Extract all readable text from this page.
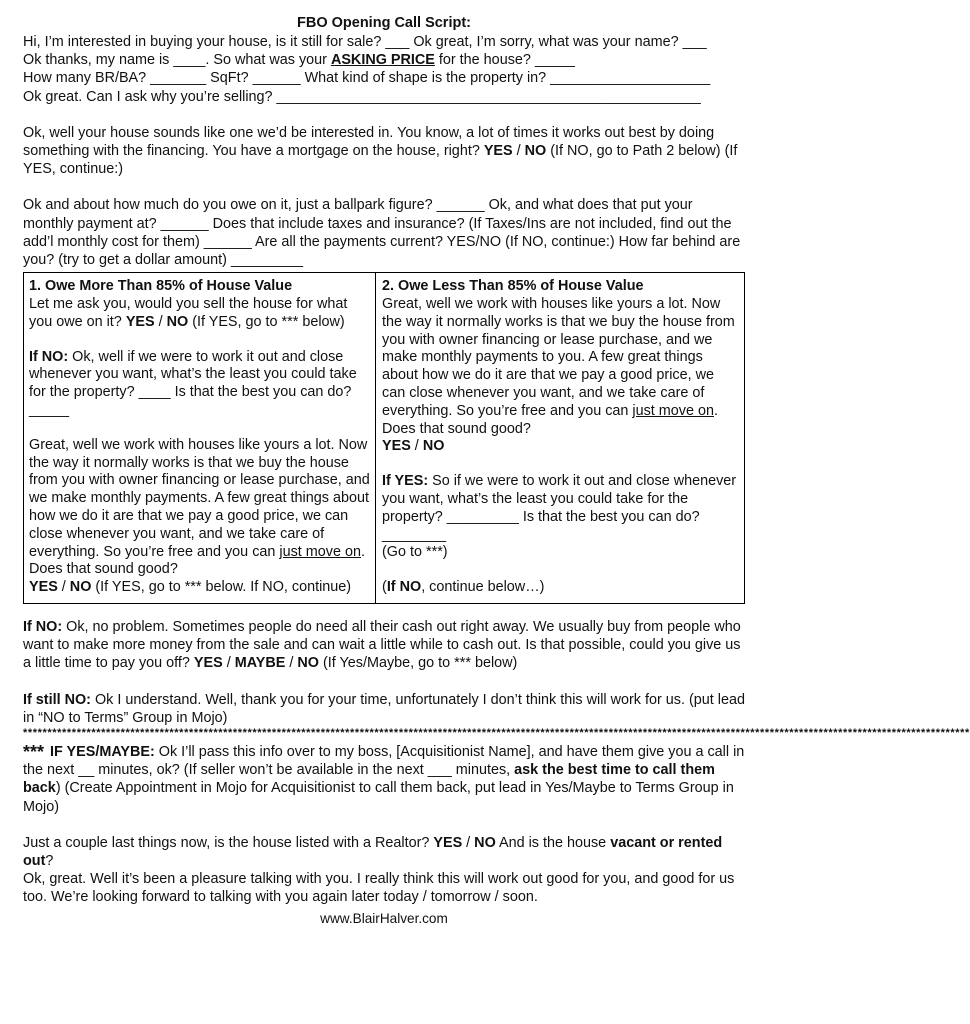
FBO Opening Call Script:
Hi, I’m interested in buying your house, is it still for sale? ___ Ok great, I’m sorry, what was your name? ___
Ok thanks, my name is ____. So what was your ASKING PRICE for the house? _____
How many BR/BA? _______ SqFt? ______ What kind of shape is the property in? ____________________
Ok great. Can I ask why you’re selling? _____________________________________________________
Ok, well your house sounds like one we’d be interested in. You know, a lot of times it works out best by doing something with the financing. You have a mortgage on the house, right? YES / NO (If NO, go to Path 2 below) (If YES, continue:)
Ok and about how much do you owe on it, just a ballpark figure? ______ Ok, and what does that put your monthly payment at? ______ Does that include taxes and insurance? (If Taxes/Ins are not included, find out the add’l monthly cost for them) ______ Are all the payments current? YES/NO (If NO, continue:) How far behind are you? (try to get a dollar amount) _________
1. Owe More Than 85% of House Value
Let me ask you, would you sell the house for what you owe on it? YES / NO (If YES, go to *** below)
If NO: Ok, well if we were to work it out and close whenever you want, what’s the least you could take for the property? ____ Is that the best you can do? _____
Great, well we work with houses like yours a lot. Now the way it normally works is that we buy the house from you with owner financing or lease purchase, and we make monthly payments. A few great things about how we do it are that we pay a good price, we can close whenever you want, and we take care of everything. So you’re free and you can just move on. Does that sound good?
YES / NO (If YES, go to *** below. If NO, continue)
2. Owe Less Than 85% of House Value
Great, well we work with houses like yours a lot. Now the way it normally works is that we buy the house from you with owner financing or lease purchase, and we make monthly payments to you. A few great things about how we do it are that we pay a good price, we can close whenever you want, and we take care of everything. So you’re free and you can just move on. Does that sound good?
YES / NO
If YES: So if we were to work it out and close whenever you want, what’s the least you could take for the property? _________ Is that the best you can do? ________
(Go to ***)
(If NO, continue below…)
If NO: Ok, no problem. Sometimes people do need all their cash out right away. We usually buy from people who want to make more money from the sale and can wait a little while to cash out. Is that possible, could you give us a little time to pay you off? YES / MAYBE / NO (If Yes/Maybe, go to *** below)
If still NO: Ok I understand. Well, thank you for your time, unfortunately I don’t think this will work for us. (put lead in “NO to Terms” Group in Mojo)
**************************************************************************************************************************************************************************************************
*** IF YES/MAYBE: Ok I’ll pass this info over to my boss, [Acquisitionist Name], and have them give you a call in the next __ minutes, ok? (If seller won’t be available in the next ___ minutes, ask the best time to call them back) (Create Appointment in Mojo for Acquisitionist to call them back, put lead in Yes/Maybe to Terms Group in Mojo)
Just a couple last things now, is the house listed with a Realtor? YES / NO And is the house vacant or rented out?
Ok, great. Well it’s been a pleasure talking with you. I really think this will work out good for you, and good for us too. We’re looking forward to talking with you again later today / tomorrow / soon.
www.BlairHalver.com
